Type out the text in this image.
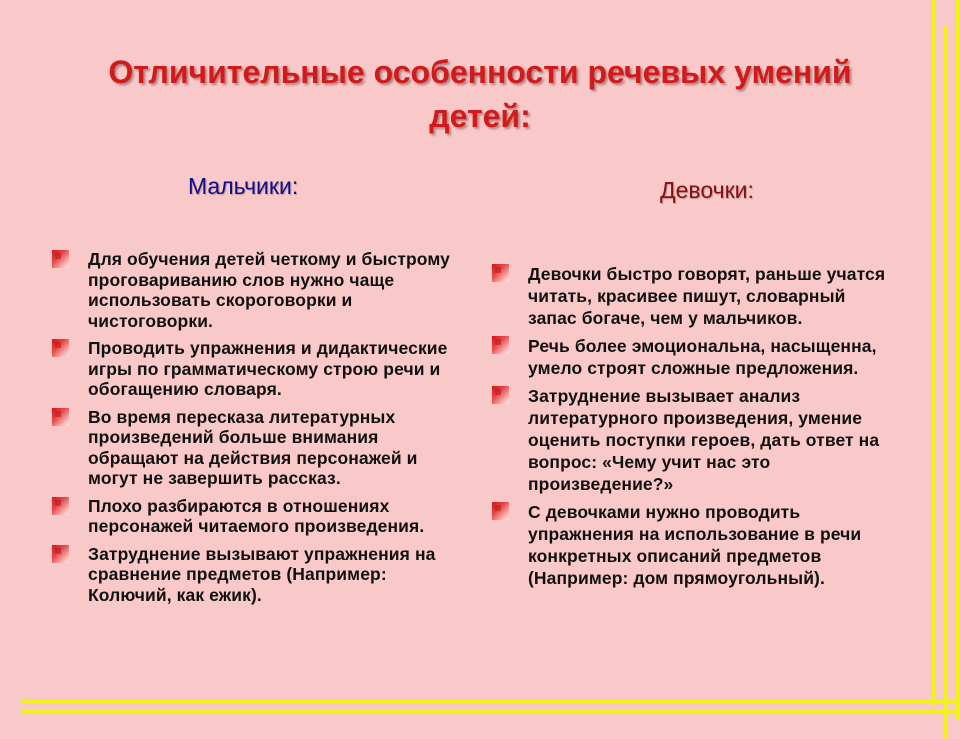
Отличительные особенности речевых умений детей:
Мальчики:	Девочки:
Для обучения детей четкому и быстрому проговариванию слов нужно чаще использовать скороговорки и чистоговорки.
Проводить упражнения и дидактические игры по грамматическому строю речи и обогащению словаря.
Во время пересказа литературных произведений больше внимания обращают на действия персонажей и могут не завершить рассказ.
Плохо разбираются в отношениях персонажей читаемого произведения.
Затруднение вызывают упражнения на сравнение предметов (Например: Колючий, как ежик).
Девочки быстро говорят, раньше учатся читать, красивее пишут, словарный запас богаче, чем у мальчиков.
Речь более эмоциональна, насыщенна, умело строят сложные предложения.
Затруднение вызывает анализ литературного произведения, умение оценить поступки героев, дать ответ на вопрос: «Чему учит нас это произведение?»
С девочками нужно проводить упражнения на использование в речи конкретных описаний предметов (Например: дом прямоугольный).
